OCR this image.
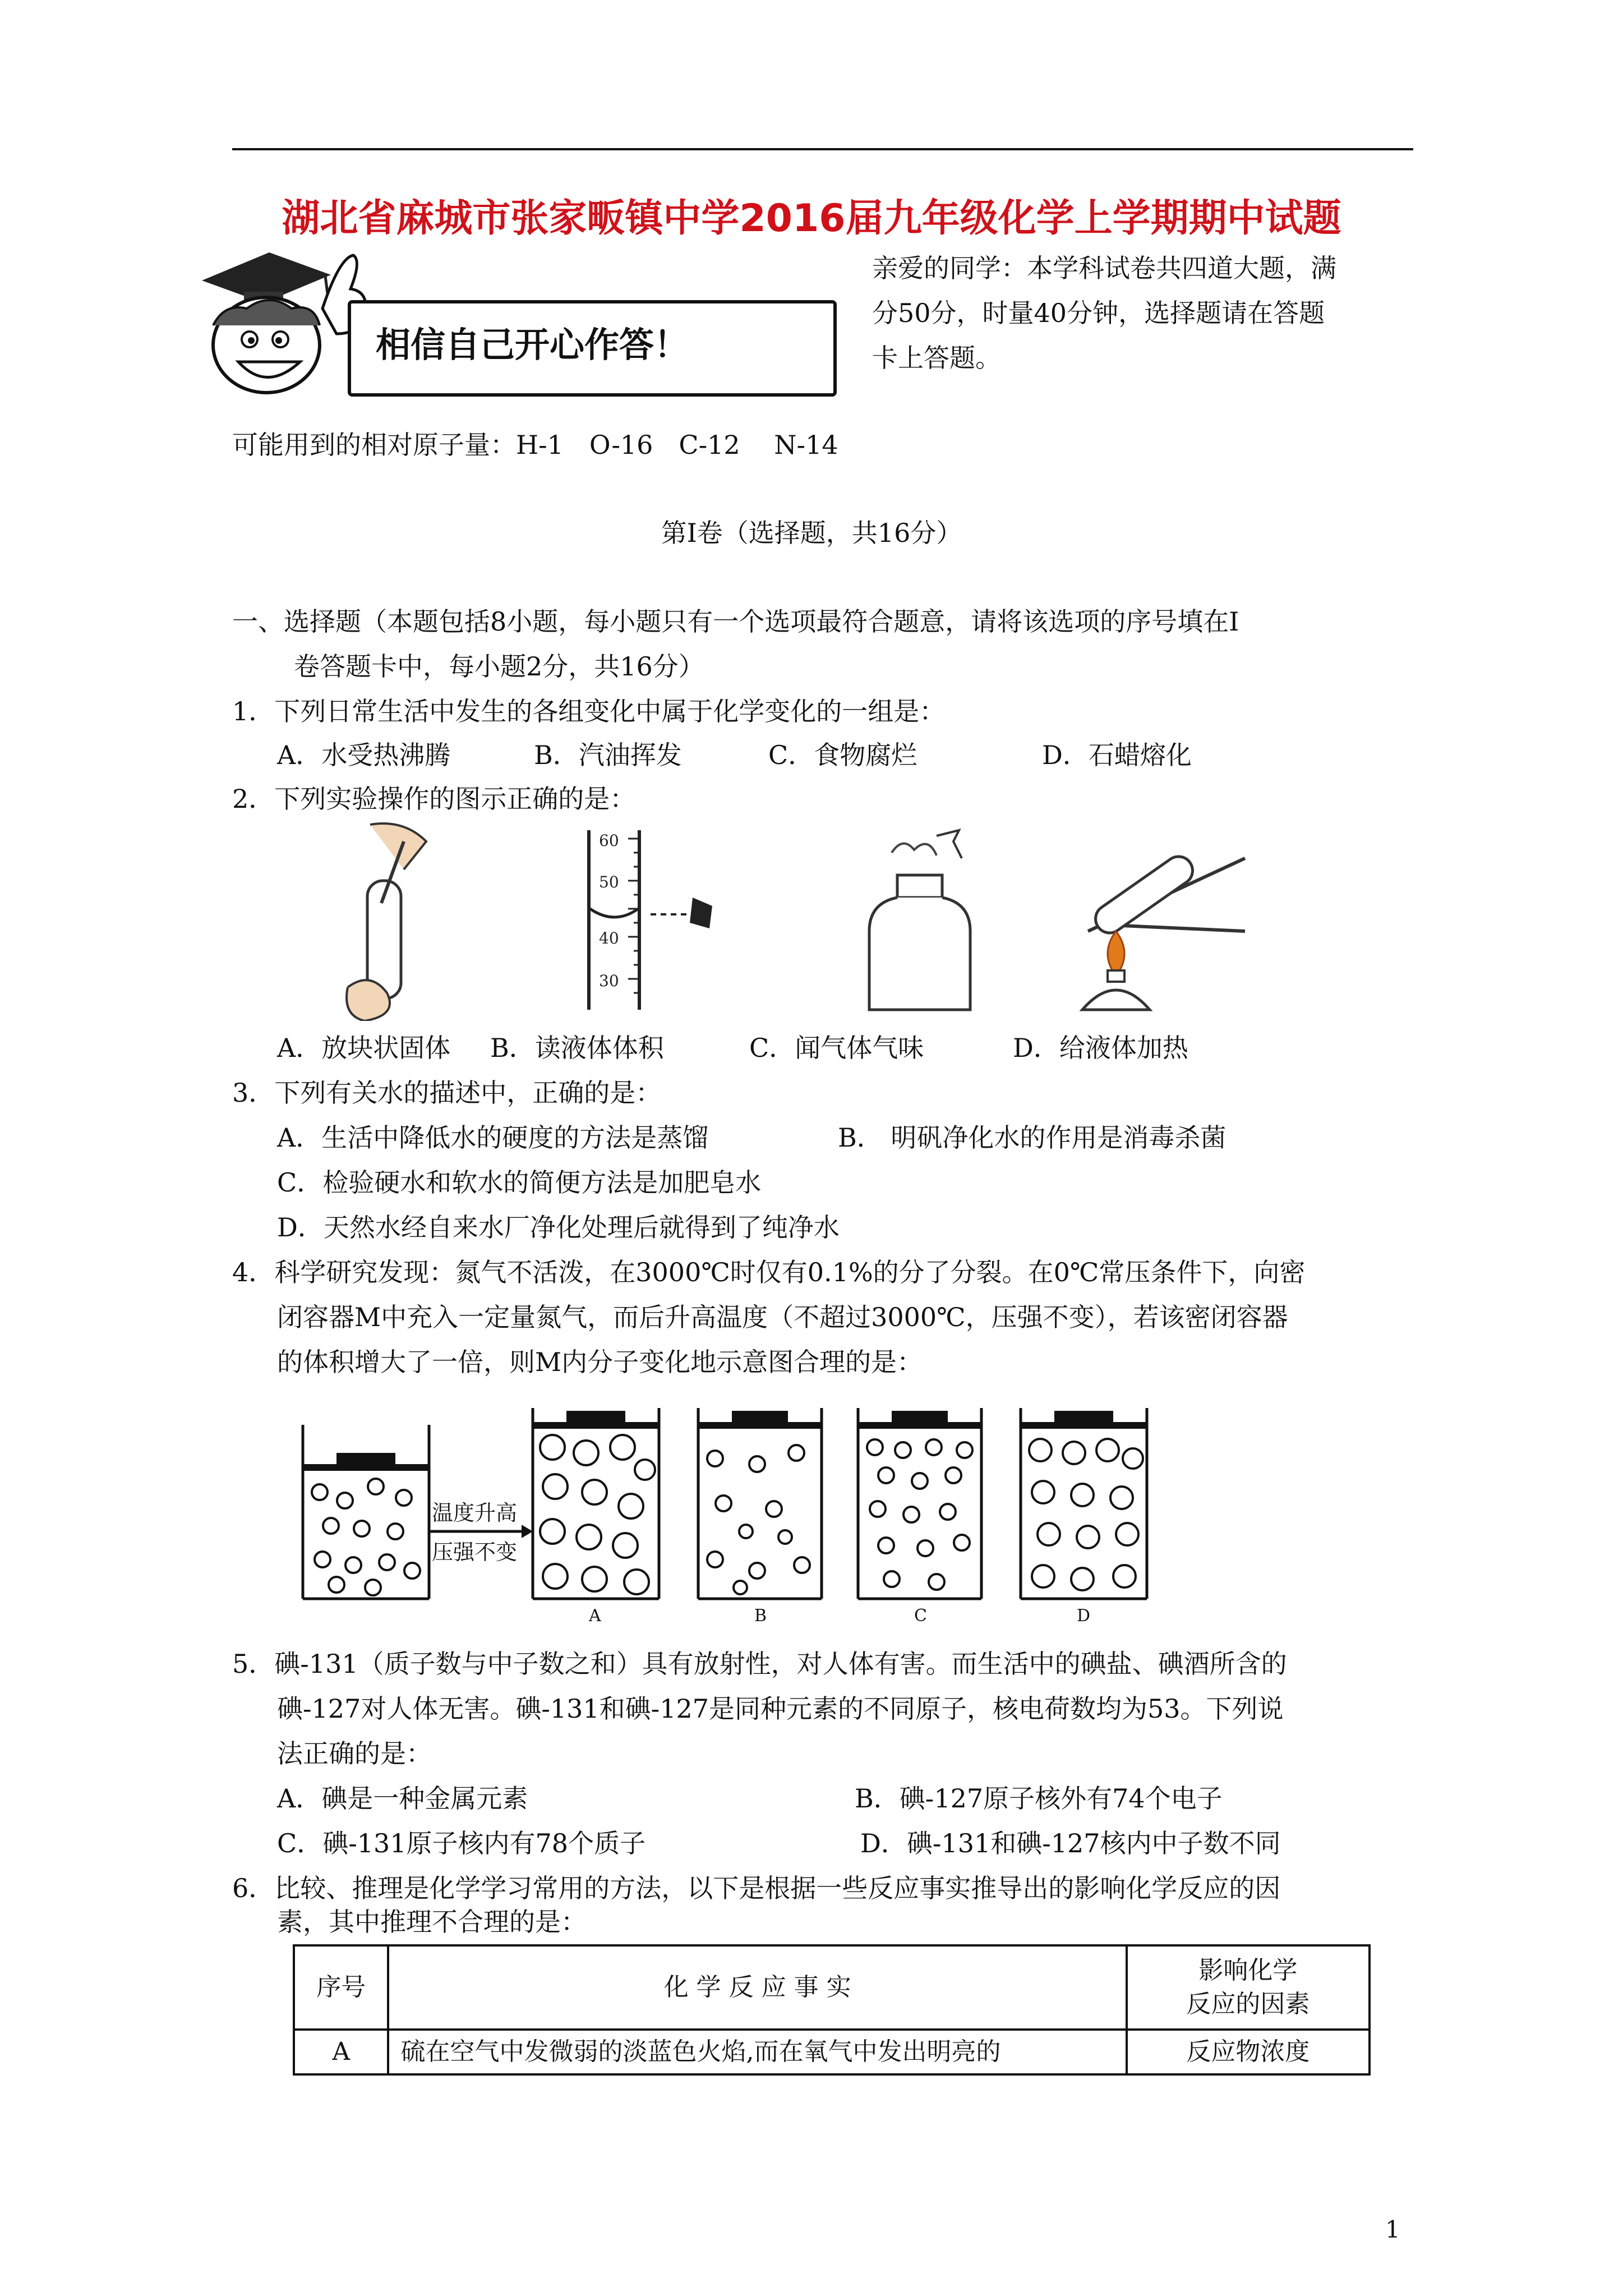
湖北省麻城市张家畈镇中学2016届九年级化学上学期期中试题
相信自己开心作答！
亲爱的同学：本学科试卷共四道大题，满
分50分，时量40分钟，选择题请在答题
卡上答题。
可能用到的相对原子量：H-1　O-16　C-12　 N-14
第Ⅰ卷（选择题，共16分）
一、选择题（本题包括8小题，每小题只有一个选项最符合题意，请将该选项的序号填在Ⅰ
卷答题卡中，每小题2分，共16分）
1．下列日常生活中发生的各组变化中属于化学变化的一组是：
A．水受热沸腾	B．汽油挥发	C．食物腐烂	D．石蜡熔化
2．下列实验操作的图示正确的是：
60
50
40
30
A．放块状固体 B．读液体体积	C．闻气体气味	D．给液体加热
3．下列有关水的描述中，正确的是：
A．生活中降低水的硬度的方法是蒸馏	B． 明矾净化水的作用是消毒杀菌
C．检验硬水和软水的简便方法是加肥皂水
D．天然水经自来水厂净化处理后就得到了纯净水
4．科学研究发现：氮气不活泼，在3000℃时仅有0.1%的分了分裂。在0℃常压条件下，向密
闭容器M中充入一定量氮气，而后升高温度（不超过3000℃，压强不变），若该密闭容器
的体积增大了一倍，则M内分子变化地示意图合理的是：
温度升高
压强不变
A	B	C	D
5．碘-131（质子数与中子数之和）具有放射性，对人体有害。而生活中的碘盐、碘酒所含的
碘-127对人体无害。碘-131和碘-127是同种元素的不同原子，核电荷数均为53。下列说
法正确的是：
A．碘是一种金属元素	B．碘-127原子核外有74个电子
C．碘-131原子核内有78个质子	D．碘-131和碘-127核内中子数不同
6．比较、推理是化学学习常用的方法，以下是根据一些反应事实推导出的影响化学反应的因
素，其中推理不合理的是：
序号	化 学 反 应 事 实	影响化学
反应的因素

A	硫在空气中发微弱的淡蓝色火焰,而在氧气中发出明亮的	反应物浓度
1
